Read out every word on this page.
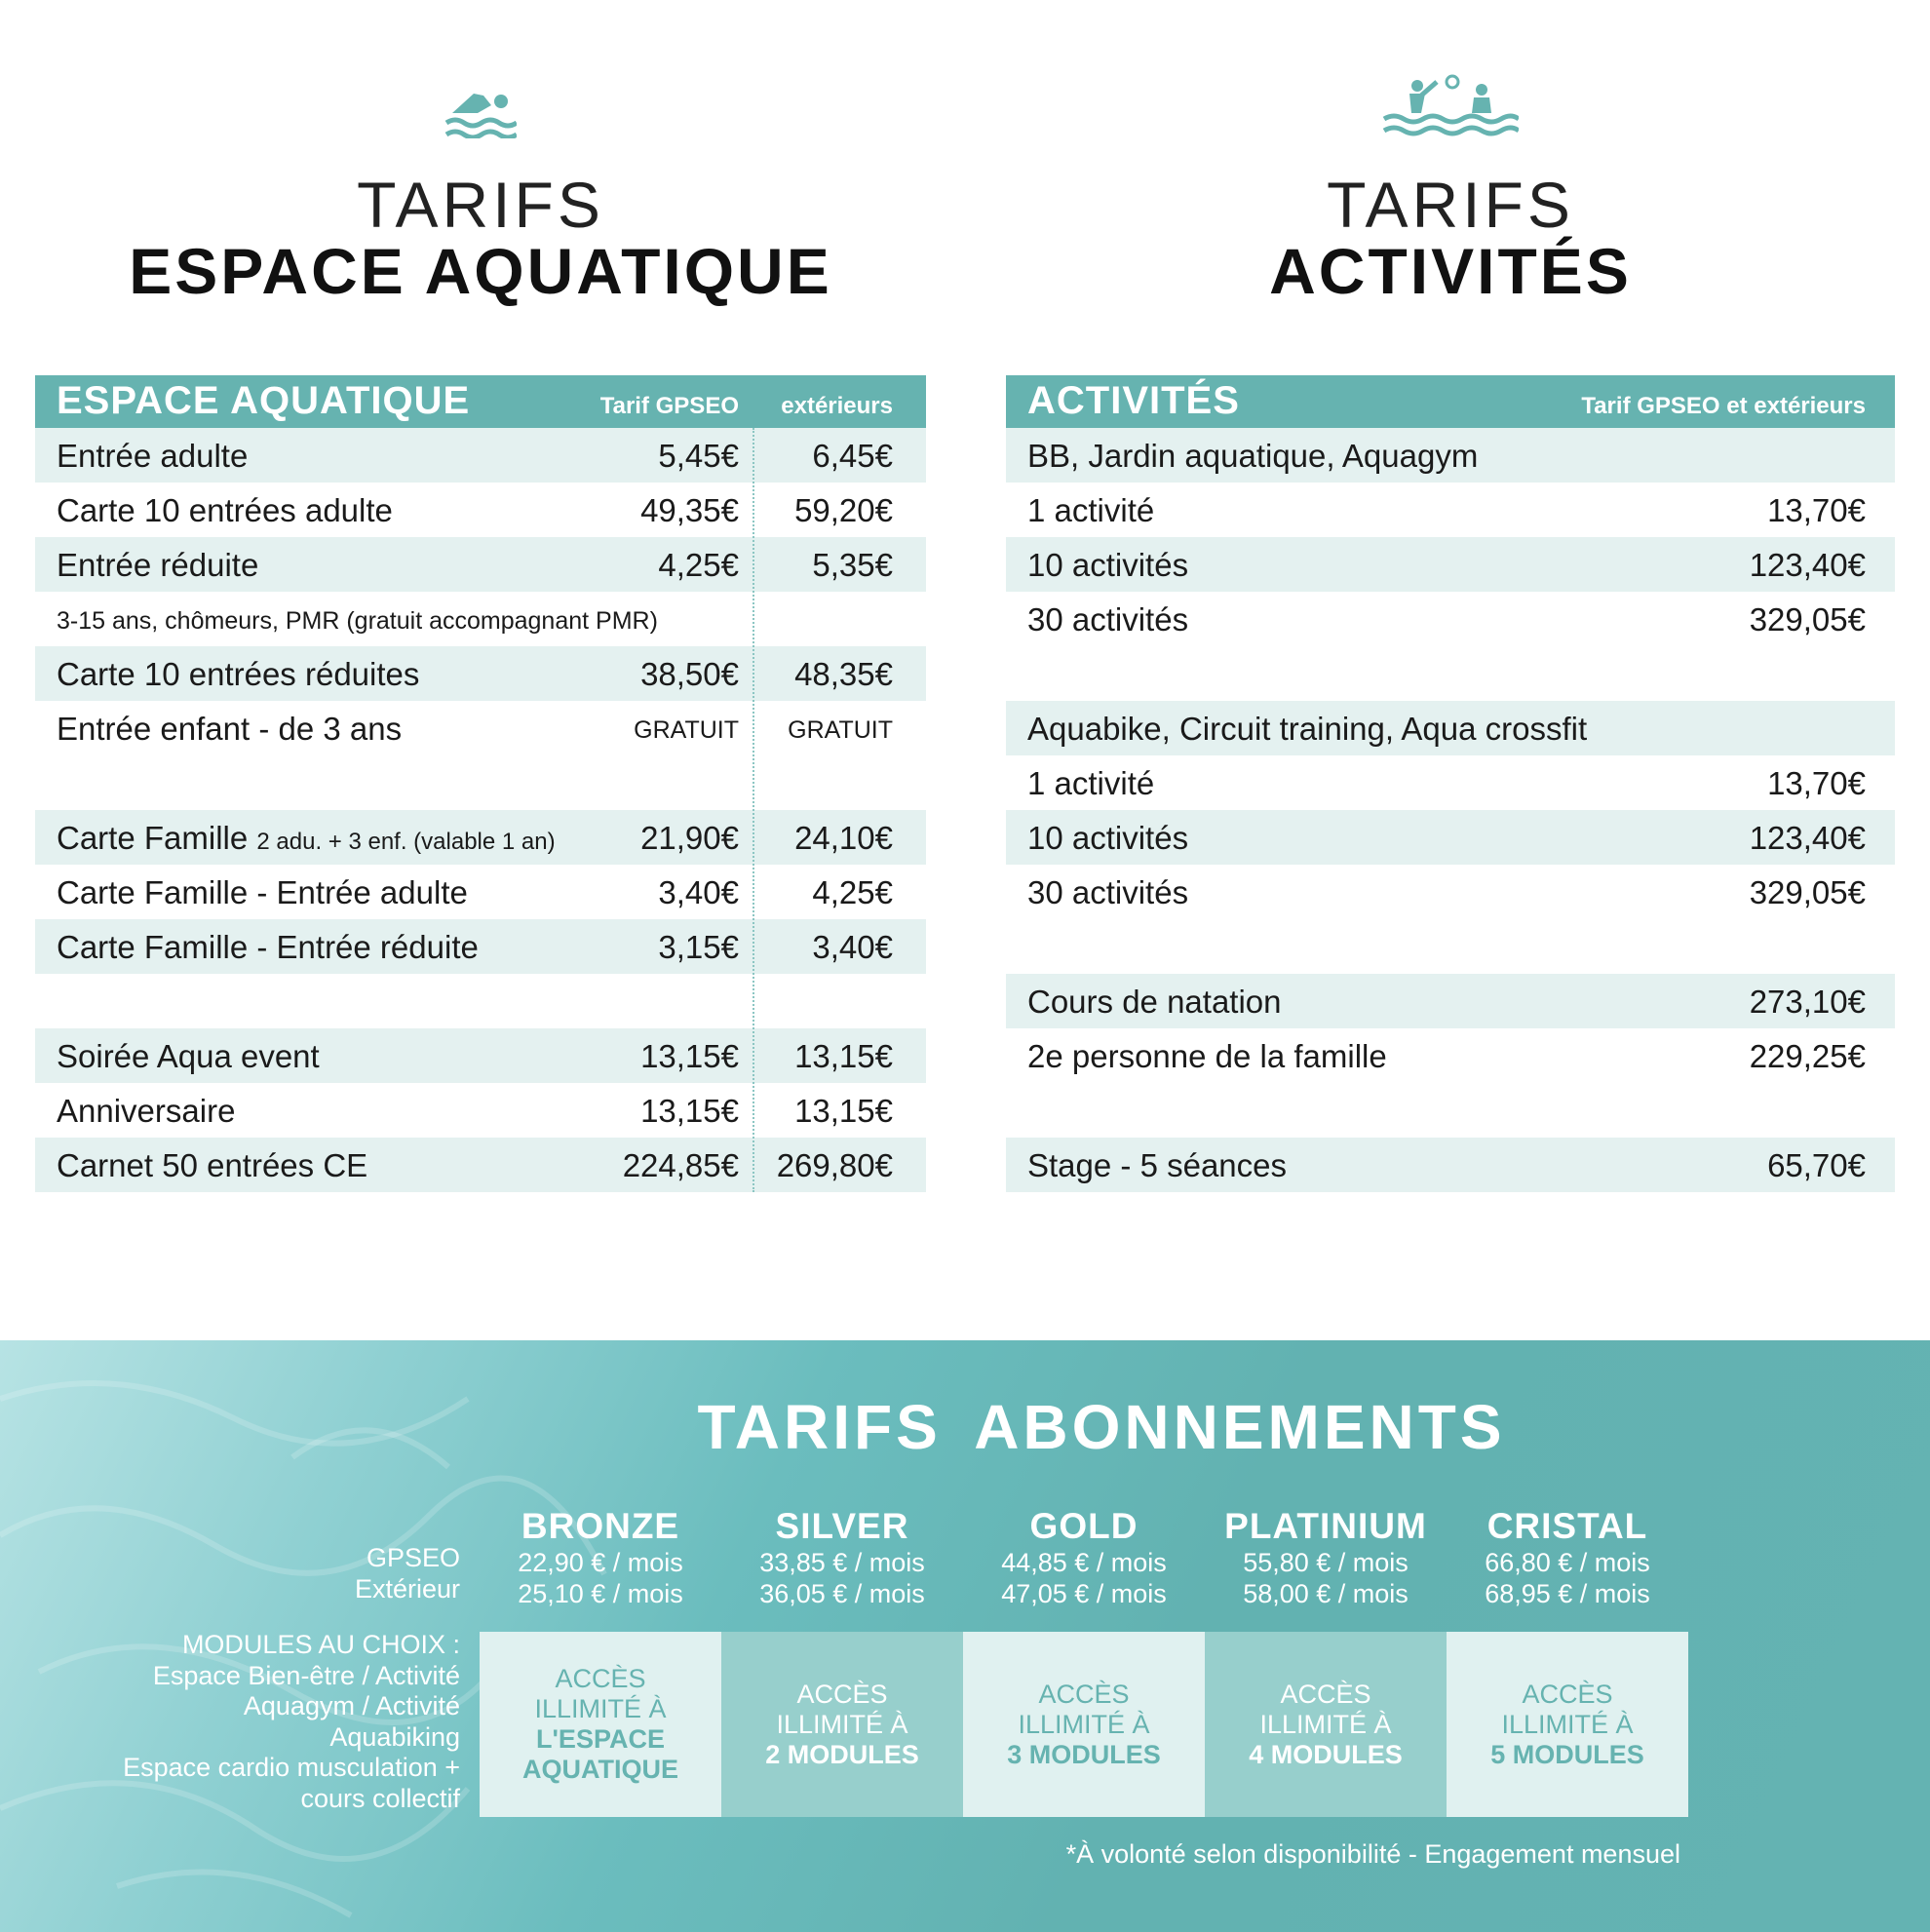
TARIFS
ESPACE AQUATIQUE
ESPACE AQUATIQUE	Tarif GPSEO extérieurs
Entrée adulte	5,45€ 6,45€
Carte 10 entrées adulte	49,35€ 59,20€
Entrée réduite	4,25€ 5,35€
3-15 ans, chômeurs, PMR (gratuit accompagnant PMR)
Carte 10 entrées réduites	38,50€ 48,35€
Entrée enfant - de 3 ans	GRATUIT GRATUIT
Carte Famille 2 adu. + 3 enf. (valable 1 an)	21,90€ 24,10€
Carte Famille - Entrée adulte	3,40€ 4,25€
Carte Famille - Entrée réduite	3,15€ 3,40€
Soirée Aqua event	13,15€ 13,15€
Anniversaire	13,15€ 13,15€
Carnet 50 entrées CE	224,85€ 269,80€
TARIFS
ACTIVITÉS
ACTIVITÉS	Tarif GPSEO et extérieurs
BB, Jardin aquatique, Aquagym
1 activité	13,70€
10 activités	123,40€
30 activités	329,05€
Aquabike, Circuit training, Aqua crossfit
1 activité	13,70€
10 activités	123,40€
30 activités	329,05€
Cours de natation	273,10€
2e personne de la famille	229,25€
Stage - 5 séances	65,70€
TARIFS ABONNEMENTS
GPSEO
Extérieur
MODULES AU CHOIX :
Espace Bien-être / Activité
Aquagym / Activité
Aquabiking
Espace cardio musculation +
cours collectif
BRONZE
22,90 € / mois
25,10 € / mois
ACCÈS
ILLIMITÉ À
L'ESPACE
AQUATIQUE
SILVER
33,85 € / mois
36,05 € / mois
ACCÈS
ILLIMITÉ À
2 MODULES
GOLD
44,85 € / mois
47,05 € / mois
ACCÈS
ILLIMITÉ À
3 MODULES
PLATINIUM
55,80 € / mois
58,00 € / mois
ACCÈS
ILLIMITÉ À
4 MODULES
CRISTAL
66,80 € / mois
68,95 € / mois
ACCÈS
ILLIMITÉ À
5 MODULES
*À volonté selon disponibilité - Engagement mensuel
